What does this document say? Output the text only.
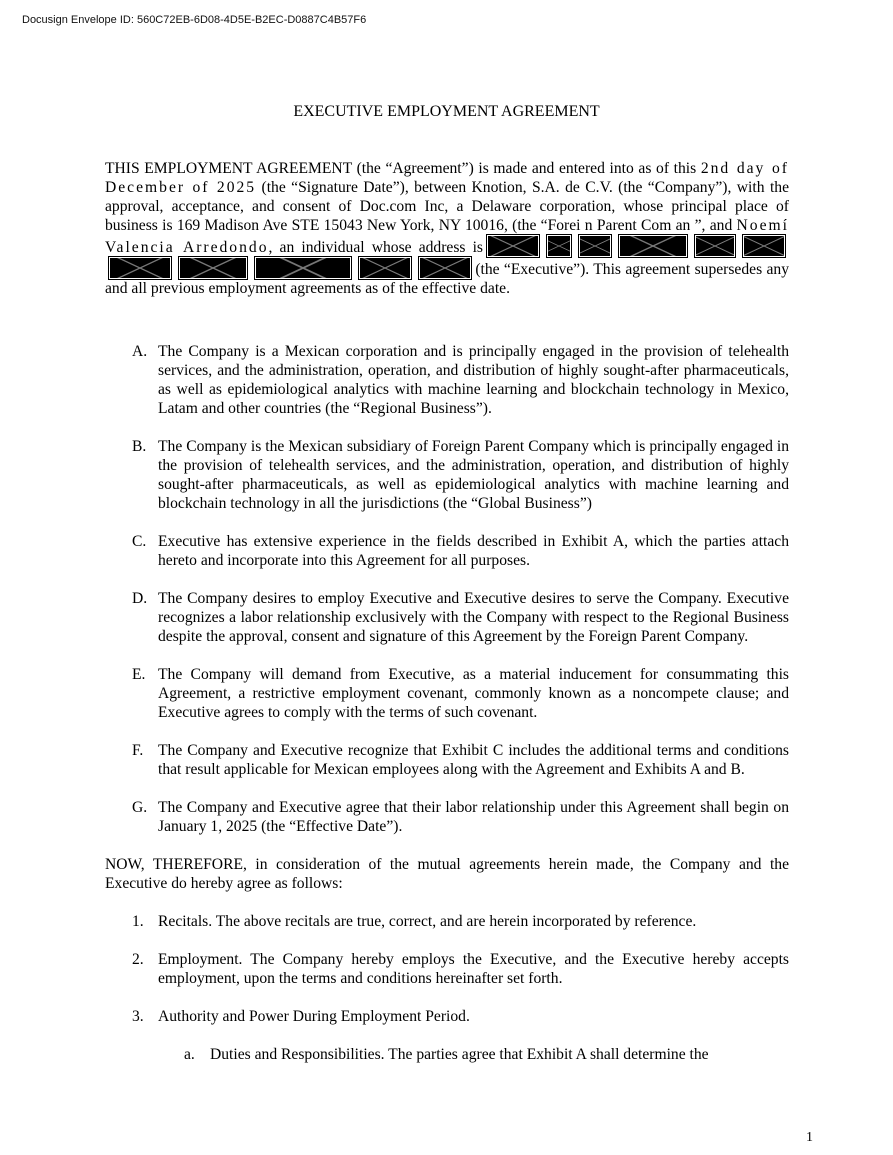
Docusign Envelope ID: 560C72EB-6D08-4D5E-B2EC-D0887C4B57F6
EXECUTIVE EMPLOYMENT AGREEMENT

THIS EMPLOYMENT AGREEMENT (the “Agreement”) is made and entered into as of this 2nd day of December of 2025 (the “Signature Date”), between Knotion, S.A. de C.V. (the “Company”), with the approval, acceptance, and consent of Doc.com Inc, a Delaware corporation, whose principal place of business is 169 Madison Ave STE 15043 New York, NY 10016, (the “Forei n Parent Com an ”, and Noemí Valencia Arredondo, an individual whose address is (the “Executive”). This agreement supersedes any and all previous employment agreements as of the effective date.

A. The Company is a Mexican corporation and is principally engaged in the provision of telehealth services, and the administration, operation, and distribution of highly sought-after pharmaceuticals, as well as epidemiological analytics with machine learning and blockchain technology in Mexico, Latam and other countries (the “Regional Business”).
B. The Company is the Mexican subsidiary of Foreign Parent Company which is principally engaged in the provision of telehealth services, and the administration, operation, and distribution of highly sought-after pharmaceuticals, as well as epidemiological analytics with machine learning and blockchain technology in all the jurisdictions (the “Global Business”)
C. Executive has extensive experience in the fields described in Exhibit A, which the parties attach hereto and incorporate into this Agreement for all purposes.
D. The Company desires to employ Executive and Executive desires to serve the Company. Executive recognizes a labor relationship exclusively with the Company with respect to the Regional Business despite the approval, consent and signature of this Agreement by the Foreign Parent Company.
E. The Company will demand from Executive, as a material inducement for consummating this Agreement, a restrictive employment covenant, commonly known as a noncompete clause; and Executive agrees to comply with the terms of such covenant.
F. The Company and Executive recognize that Exhibit C includes the additional terms and conditions that result applicable for Mexican employees along with the Agreement and Exhibits A and B.
G. The Company and Executive agree that their labor relationship under this Agreement shall begin on January 1, 2025 (the “Effective Date”).

NOW, THEREFORE, in consideration of the mutual agreements herein made, the Company and the Executive do hereby agree as follows:

1. Recitals. The above recitals are true, correct, and are herein incorporated by reference.
2. Employment. The Company hereby employs the Executive, and the Executive hereby accepts employment, upon the terms and conditions hereinafter set forth.
3. Authority and Power During Employment Period.
a. Duties and Responsibilities. The parties agree that Exhibit A shall determine the
1
